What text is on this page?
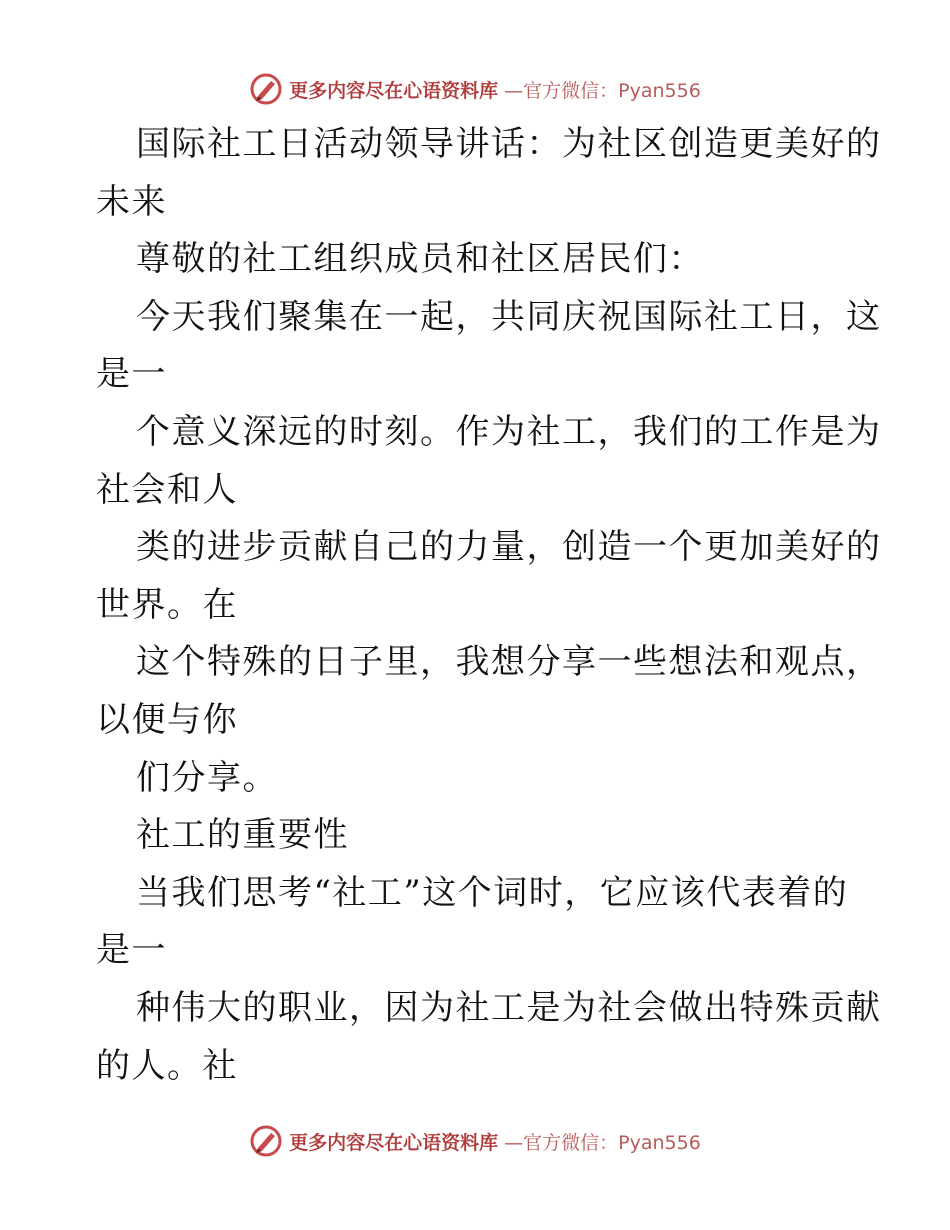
更多内容尽在心语资料库 —官方微信：Pyan556
国际社工日活动领导讲话：为社区创造更美好的
未来
尊敬的社工组织成员和社区居民们：
今天我们聚集在一起，共同庆祝国际社工日，这
是一
个意义深远的时刻。作为社工，我们的工作是为
社会和人
类的进步贡献自己的力量，创造一个更加美好的
世界。在
这个特殊的日子里，我想分享一些想法和观点，
以便与你
们分享。
社工的重要性
当我们思考“社工”这个词时，它应该代表着的
是一
种伟大的职业，因为社工是为社会做出特殊贡献
的人。社
更多内容尽在心语资料库 —官方微信：Pyan556
